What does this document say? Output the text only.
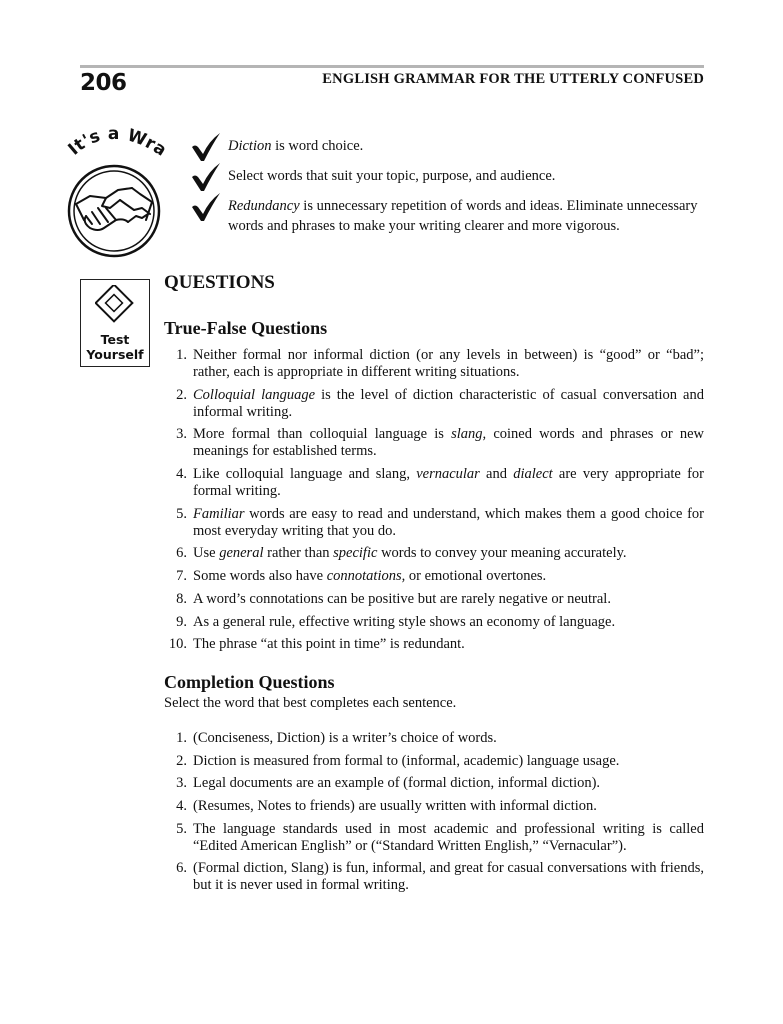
206	ENGLISH GRAMMAR FOR THE UTTERLY CONFUSED
It's a Wr	Diction is word choice.
Select words that suit your topic, purpose, and audience.
Redundancy is unnecessary repetition of words and ideas. Eliminate unnecessary words and phrases to make your writing clearer and more vigorous.
Test
Yourself
QUESTIONS
True-False Questions
1. Neither formal nor informal diction (or any levels in between) is “good” or “bad”; rather, each is appropriate in different writing situations.
2. Colloquial language is the level of diction characteristic of casual conversation and informal writing.
3. More formal than colloquial language is slang, coined words and phrases or new meanings for established terms.
4. Like colloquial language and slang, vernacular and dialect are very appropriate for formal writing.
5. Familiar words are easy to read and understand, which makes them a good choice for most everyday writing that you do.
6. Use general rather than specific words to convey your meaning accurately.
7. Some words also have connotations, or emotional overtones.
8. A word’s connotations can be positive but are rarely negative or neutral.
9. As a general rule, effective writing style shows an economy of language.
10. The phrase “at this point in time” is redundant.
Completion Questions

Select the word that best completes each sentence.

1. (Conciseness, Diction) is a writer’s choice of words.
2. Diction is measured from formal to (informal, academic) language usage.
3. Legal documents are an example of (formal diction, informal diction).
4. (Resumes, Notes to friends) are usually written with informal diction.
5. The language standards used in most academic and professional writing is called “Edited American English” or (“Standard Written English,” “Vernacular”).
6. (Formal diction, Slang) is fun, informal, and great for casual conversations with friends, but it is never used in formal writing.
